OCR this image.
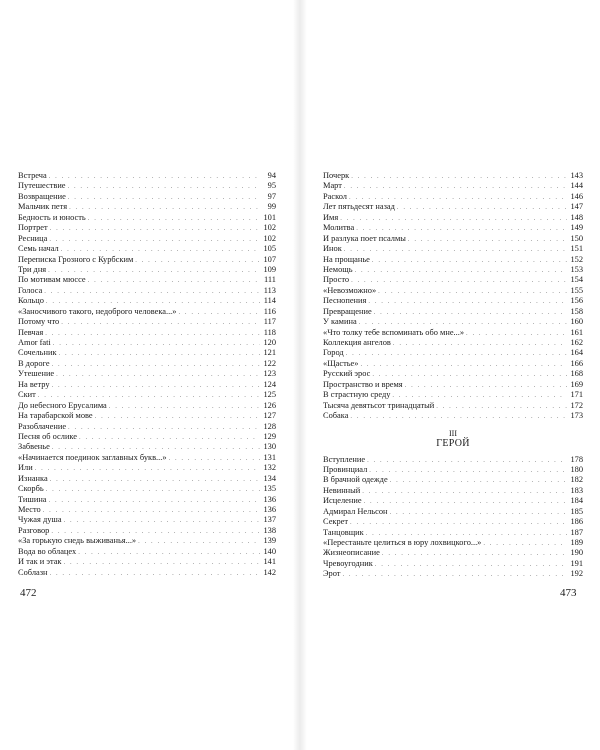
Встреча . . .	94
Путешествие . . .	95
Возвращение . . .	97
Мальчик петя . . .	99
Бедность и юность . . .	101
Портрет . . .	102
Ресница . . .	102
Семь начал . . .	105
Переписка Грозного с Курбским . . .	107
Три дня . . .	109
По мотивам мюссе . . .	111
Голоса . . .	113
Кольцо . . .	114
«Заносчивого такого, недоброго человека...» . . .	116
Потому что . . .	117
Певчая . . .	118
Amor fati . . .	120
Сочельник . . .	121
В дороге . . .	122
Утешение . . .	123
На ветру . . .	124
Скит . . .	125
До небесного Ерусалима . . .	126
На тарабарской мове . . .	127
Разоблачение . . .	128
Песня об ослике . . .	129
Забвенье . . .	130
«Начинается поединок заглавных букв...» . . .	131
Или . . .	132
Изнанка . . .	134
Скорбь . . .	135
Тишина . . .	136
Место . . .	136
Чужая душа . . .	137
Разговор . . .	138
«За горькую снедь выживанья...» . . .	139
Вода во облацех . . .	140
И так и этак . . .	141
Соблазн . . .	142
472
Почерк . . .	143
Март . . .	144
Раскол . . .	146
Лет пятьдесят назад . . .	147
Имя . . .	148
Молитва . . .	149
И разлука поет псалмы . . .	150
Инок . . .	151
На прощанье . . .	152
Немощь . . .	153
Просто . . .	154
«Невозможно» . . .	155
Песнопения . . .	156
Превращение . . .	158
У камина . . .	160
«Что толку тебе вспоминать обо мне...» . . .	161
Коллекция ангелов . . .	162
Город . . .	164
«Щастье» . . .	166
Русский эрос . . .	168
Пространство и время . . .	169
В страстную среду . . .	171
Тысяча девятьсот тринадцатый . . .	172
Собака . . .	173
III
ГЕРОЙ
Вступление . . .	178
Провинциал . . .	180
В брачной одежде . . .	182
Невинный . . .	183
Исцеление . . .	184
Адмирал Нельсон . . .	185
Секрет . . .	186
Танцовщик . . .	187
«Перестаньте целиться в юру лохвицкого...» . . .	189
Жизнеописание . . .	190
Чревоугодник . . .	191
Эрот . . .	192
473
